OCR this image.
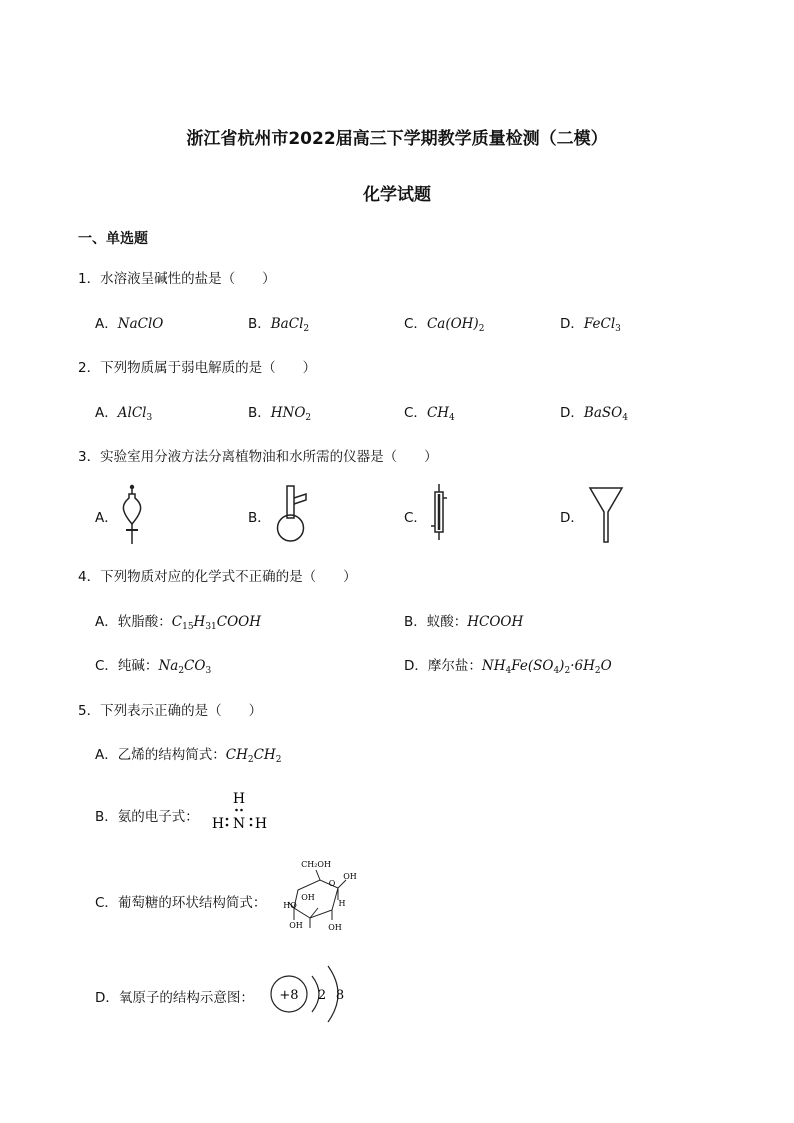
浙江省杭州市2022届高三下学期教学质量检测（二模）
化学试题
一、单选题
1．水溶液呈碱性的盐是（　　）
A．NaClO	B．BaCl$_2$	C．$Ca(OH)_2$	D．FeCl$_3$
2．下列物质属于弱电解质的是（　　）
A．AlCl$_3$	B．$HNO_2$	C．$CH_4$	D．BaSO$_4$
3．实验室用分液方法分离植物油和水所需的仪器是（　　）
A．	B．	C．	D．
4．下列物质对应的化学式不正确的是（　　）
A．软脂酸：$C_{15}H_{31}COOH$	B．蚁酸：HCOOH
C．纯碱：$Na_2CO_3$	D．摩尔盐：$NH_4Fe(SO_4)_2\cdot 6H_2O$
5．下列表示正确的是（　　）
A．乙烯的结构简式：$CH_2CH_2$
B．氨的电子式：
H
H N H
C．葡萄糖的环状结构简式：
CH₂OH
O
OH
H
OH
OH
OH
HO
D．氧原子的结构示意图： +8 2 8
